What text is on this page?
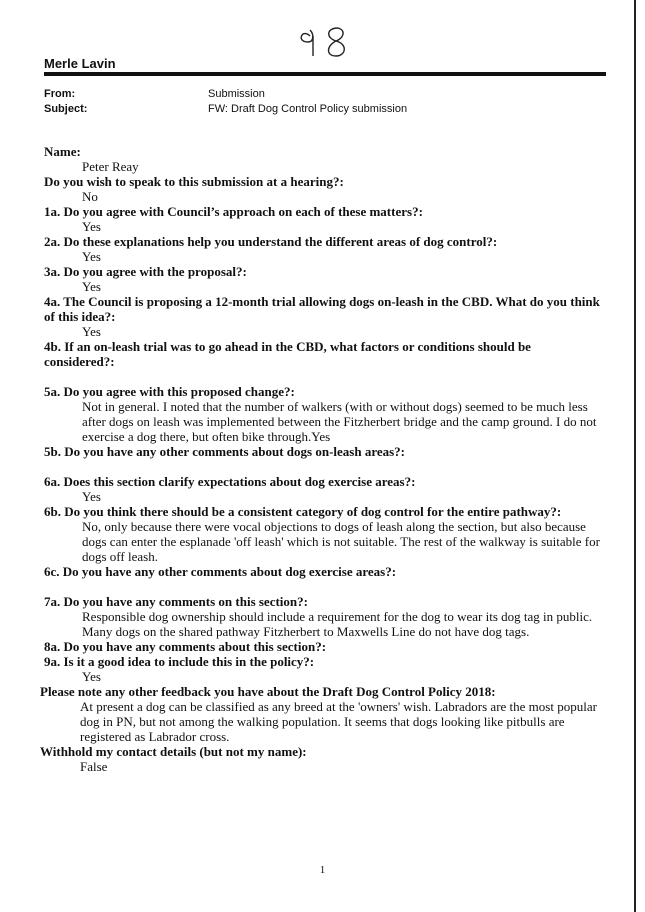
Merle Lavin
From:	Submission
Subject:	FW: Draft Dog Control Policy submission
Name:
Peter Reay
Do you wish to speak to this submission at a hearing?:
No
1a. Do you agree with Council’s approach on each of these matters?:
Yes
2a. Do these explanations help you understand the different areas of dog control?:
Yes
3a. Do you agree with the proposal?:
Yes
4a. The Council is proposing a 12-month trial allowing dogs on-leash in the CBD. What do you think of this idea?:
Yes
4b. If an on-leash trial was to go ahead in the CBD, what factors or conditions should be considered?:
5a. Do you agree with this proposed change?:
Not in general. I noted that the number of walkers (with or without dogs) seemed to be much less after dogs on leash was implemented between the Fitzherbert bridge and the camp ground. I do not exercise a dog there, but often bike through.Yes
5b. Do you have any other comments about dogs on-leash areas?:
6a. Does this section clarify expectations about dog exercise areas?:
Yes
6b. Do you think there should be a consistent category of dog control for the entire pathway?:
No, only because there were vocal objections to dogs of leash along the section, but also because dogs can enter the esplanade 'off leash' which is not suitable. The rest of the walkway is suitable for dogs off leash.
6c. Do you have any other comments about dog exercise areas?:
7a. Do you have any comments on this section?:
Responsible dog ownership should include a requirement for the dog to wear its dog tag in public. Many dogs on the shared pathway Fitzherbert to Maxwells Line do not have dog tags.
8a. Do you have any comments about this section?:
9a. Is it a good idea to include this in the policy?:
Yes
Please note any other feedback you have about the Draft Dog Control Policy 2018:
At present a dog can be classified as any breed at the 'owners' wish. Labradors are the most popular dog in PN, but not among the walking population. It seems that dogs looking like pitbulls are registered as Labrador cross.
Withhold my contact details (but not my name):
False
1
